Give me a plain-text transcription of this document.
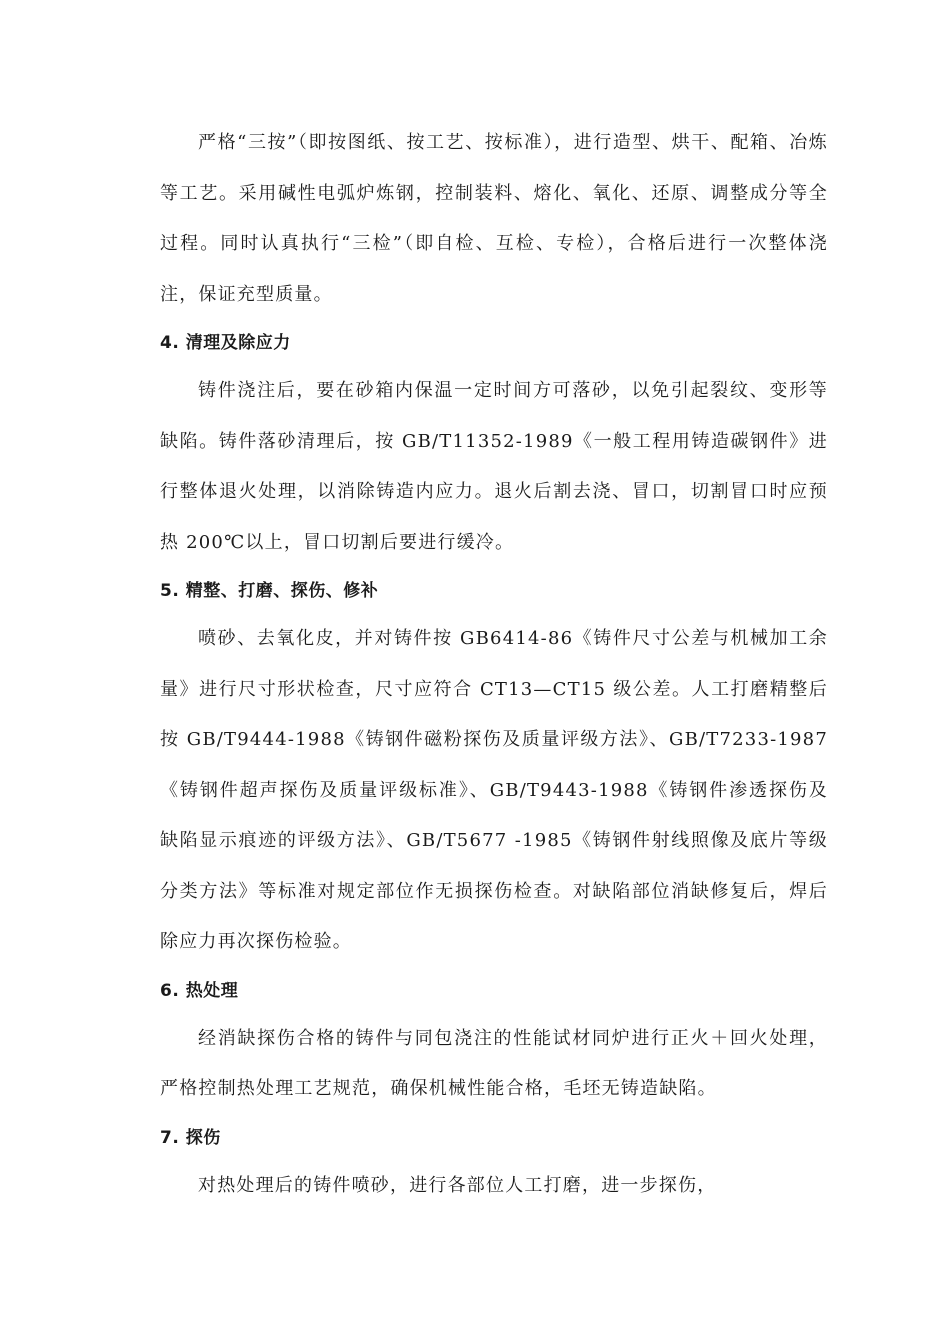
严格“三按”（即按图纸、按工艺、按标准），进行造型、烘干、配箱、冶炼等工艺。采用碱性电弧炉炼钢，控制装料、熔化、氧化、还原、调整成分等全过程。同时认真执行“三检”（即自检、互检、专检），合格后进行一次整体浇注，保证充型质量。

4. 清理及除应力

铸件浇注后，要在砂箱内保温一定时间方可落砂，以免引起裂纹、变形等缺陷。铸件落砂清理后，按 GB/T11352-1989《一般工程用铸造碳钢件》进行整体退火处理，以消除铸造内应力。退火后割去浇、冒口，切割冒口时应预热 200℃以上，冒口切割后要进行缓冷。

5. 精整、打磨、探伤、修补

喷砂、去氧化皮，并对铸件按 GB6414-86《铸件尺寸公差与机械加工余量》进行尺寸形状检查，尺寸应符合 CT13—CT15 级公差。人工打磨精整后按 GB/T9444-1988《铸钢件磁粉探伤及质量评级方法》、GB/T7233-1987《铸钢件超声探伤及质量评级标准》、GB/T9443-1988《铸钢件渗透探伤及缺陷显示痕迹的评级方法》、GB/T5677 -1985《铸钢件射线照像及底片等级分类方法》等标准对规定部位作无损探伤检查。对缺陷部位消缺修复后，焊后除应力再次探伤检验。

6. 热处理

经消缺探伤合格的铸件与同包浇注的性能试材同炉进行正火＋回火处理，严格控制热处理工艺规范，确保机械性能合格，毛坯无铸造缺陷。

7. 探伤

对热处理后的铸件喷砂，进行各部位人工打磨，进一步探伤，
